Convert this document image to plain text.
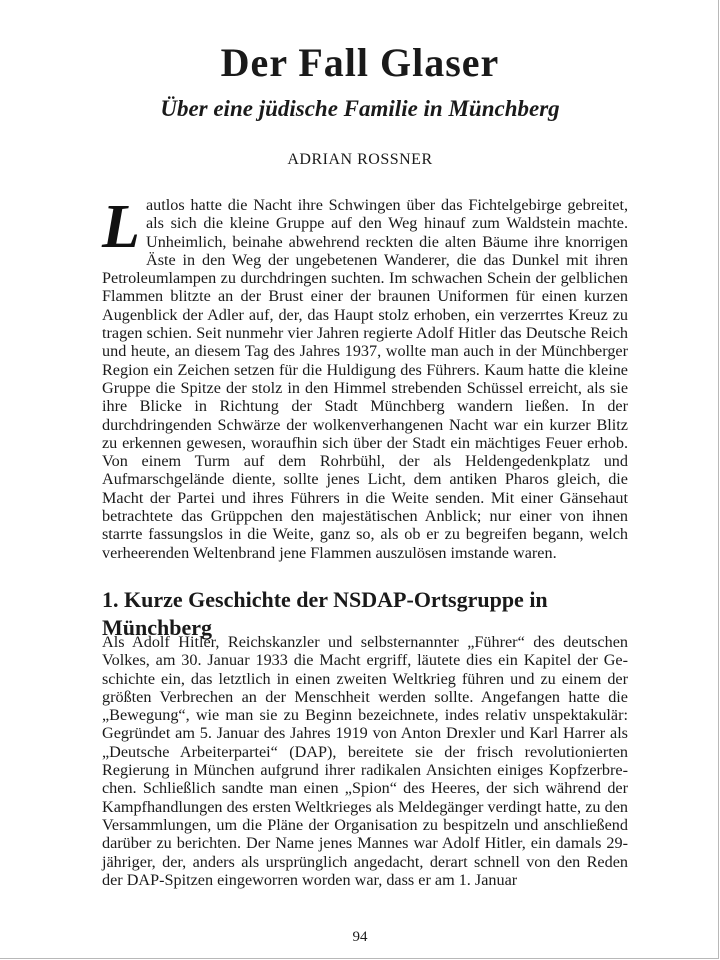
Der Fall Glaser
Über eine jüdische Familie in Münchberg
ADRIAN ROSSNER

Lautlos hatte die Nacht ihre Schwingen über das Fichtelgebirge gebreitet, als sich die kleine Gruppe auf den Weg hinauf zum Waldstein machte. Unheimlich, beinahe abwehrend reckten die alten Bäume ihre knorrigen Äste in den Weg der ungebetenen Wanderer, die das Dunkel mit ihren Petroleumlampen zu durchdringen suchten. Im schwachen Schein der gelblichen Flammen blitzte an der Brust einer der braunen Uniformen für einen kurzen Augenblick der Adler auf, der, das Haupt stolz erhoben, ein verzerrtes Kreuz zu tragen schien. Seit nunmehr vier Jahren regierte Adolf Hitler das Deutsche Reich und heute, an diesem Tag des Jahres 1937, wollte man auch in der Münchberger Region ein Zeichen setzen für die Huldigung des Führers. Kaum hatte die kleine Gruppe die Spitze der stolz in den Himmel strebenden Schüssel erreicht, als sie ihre Blicke in Richtung der Stadt Münchberg wandern ließen. In der durchdringenden Schwärze der wolkenverhangenen Nacht war ein kurzer Blitz zu erkennen gewesen, woraufhin sich über der Stadt ein mächtiges Feuer erhob. Von einem Turm auf dem Rohrbühl, der als Heldengedenkplatz und Aufmarschgelände diente, sollte jenes Licht, dem antiken Pharos gleich, die Macht der Partei und ihres Führers in die Weite senden. Mit einer Gänsehaut betrachtete das Grüppchen den majestätischen Anblick; nur einer von ihnen starrte fassungslos in die Weite, ganz so, als ob er zu begreifen begann, welch verheerenden Weltenbrand jene Flammen auszulösen imstande waren.

1. Kurze Geschichte der NSDAP-Ortsgruppe in Münchberg

Als Adolf Hitler, Reichskanzler und selbsternannter „Führer“ des deutschen Volkes, am 30. Januar 1933 die Macht ergriff, läutete dies ein Kapitel der Geschichte ein, das letztlich in einen zweiten Weltkrieg führen und zu einem der größten Verbrechen an der Menschheit werden sollte. Angefangen hatte die „Bewegung“, wie man sie zu Beginn bezeichnete, indes relativ unspektakulär: Gegründet am 5. Januar des Jahres 1919 von Anton Drexler und Karl Harrer als „Deutsche Arbeiterpartei“ (DAP), bereitete sie der frisch revolutionierten Regierung in München aufgrund ihrer radikalen Ansichten einiges Kopfzerbrechen. Schließlich sandte man einen „Spion“ des Heeres, der sich während der Kampfhandlungen des ersten Weltkrieges als Meldegänger verdingt hatte, zu den Versammlungen, um die Pläne der Organisation zu bespitzeln und anschließend darüber zu berichten. Der Name jenes Mannes war Adolf Hitler, ein damals 29-jähriger, der, anders als ursprünglich angedacht, derart schnell von den Reden der DAP-Spitzen eingeworren worden war, dass er am 1. Januar

94
